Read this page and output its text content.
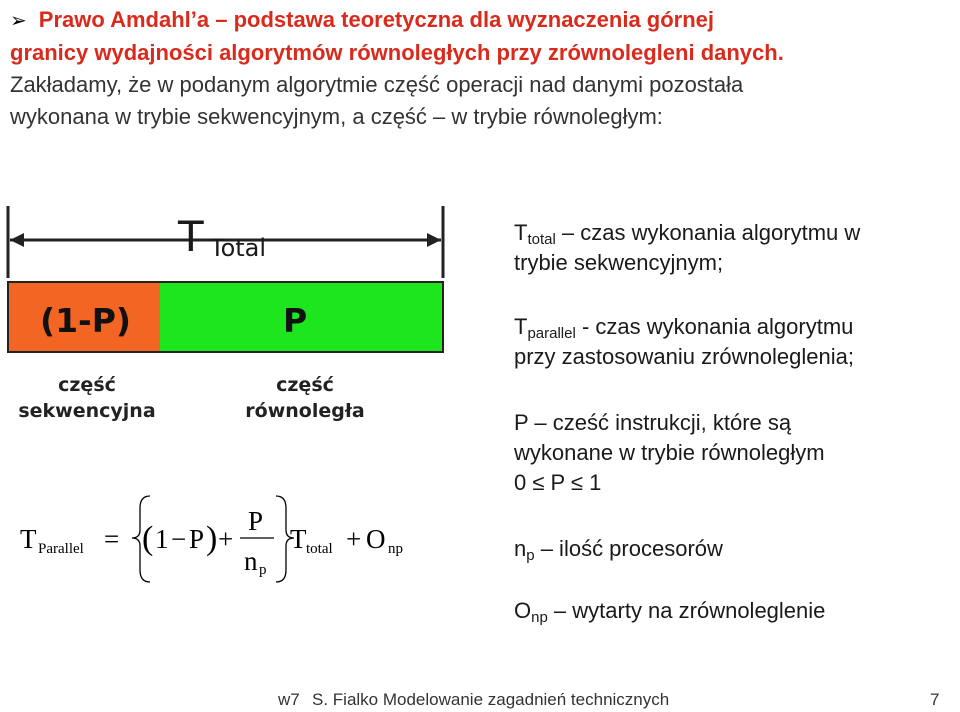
➢ Prawo Amdahl’a – podstawa teoretyczna dla wyznaczenia górnej
granicy wydajności algorytmów równoległych przy zrównolegleni danych.
Zakładamy, że w podanym algorytmie część operacji nad danymi pozostała
wykonana w trybie sekwencyjnym, a część – w trybie równoległym:
T Total
(1-P)	P
część
sekwencyjna
część
równoległa
T Parallel = ( 1 − P ) +
P
n p
T total + O np
$T_{total}$ – czas wykonania algorytmu w
trybie sekwencyjnym;
$T_{parallel}$ - czas wykonania algorytmu
przy zastosowaniu zrównoleglenia;
P – cześć instrukcji, które są
wykonane w trybie równoległym
0 ≤ P ≤ 1
$n_p$ – ilość procesorów
$O_{np}$ – wytarty na zrównoleglenie
w7 S. Fialko Modelowanie zagadnień technicznych	7
